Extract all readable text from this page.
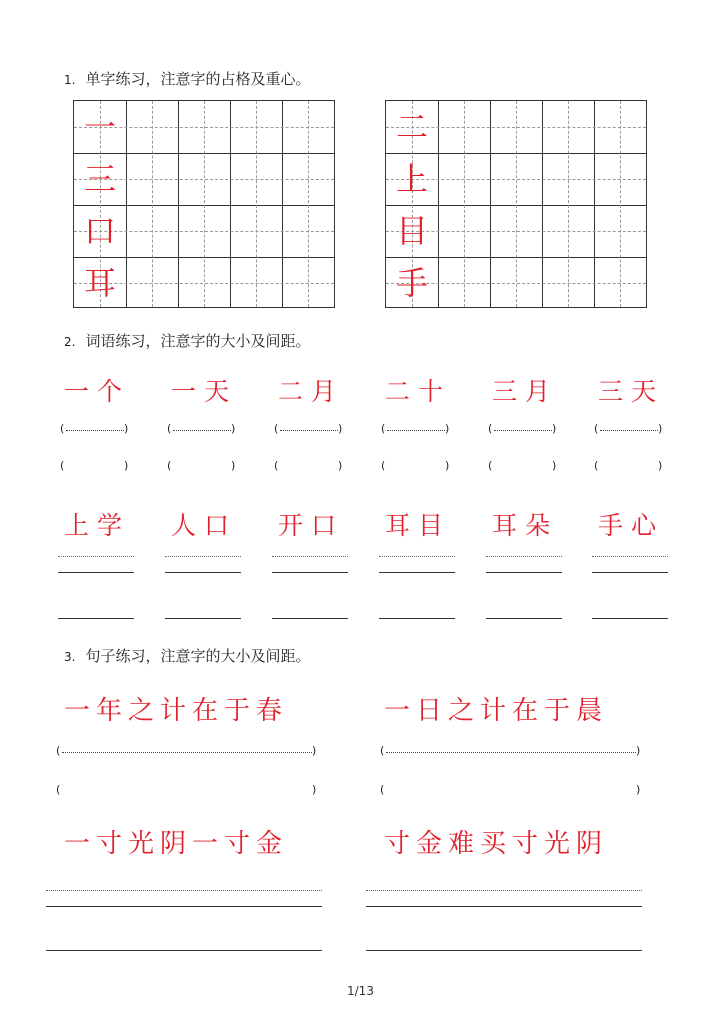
1. 单字练习，注意字的占格及重心。
一
三
口
耳
二
上
目
手
2. 词语练习，注意字的大小及间距。
一个
(	)
(	)
上学
一天
(	)
(	)
人口
二月
(	)
(	)
开口
二十
(	)
(	)
耳目
三月
(	)
(	)
耳朵
三天
(	)
(	)
手心
3. 句子练习，注意字的大小及间距。
一年之计在于春	一日之计在于晨
(	)	(	)
(	)	(	)
一寸光阴一寸金	寸金难买寸光阴
1/13
